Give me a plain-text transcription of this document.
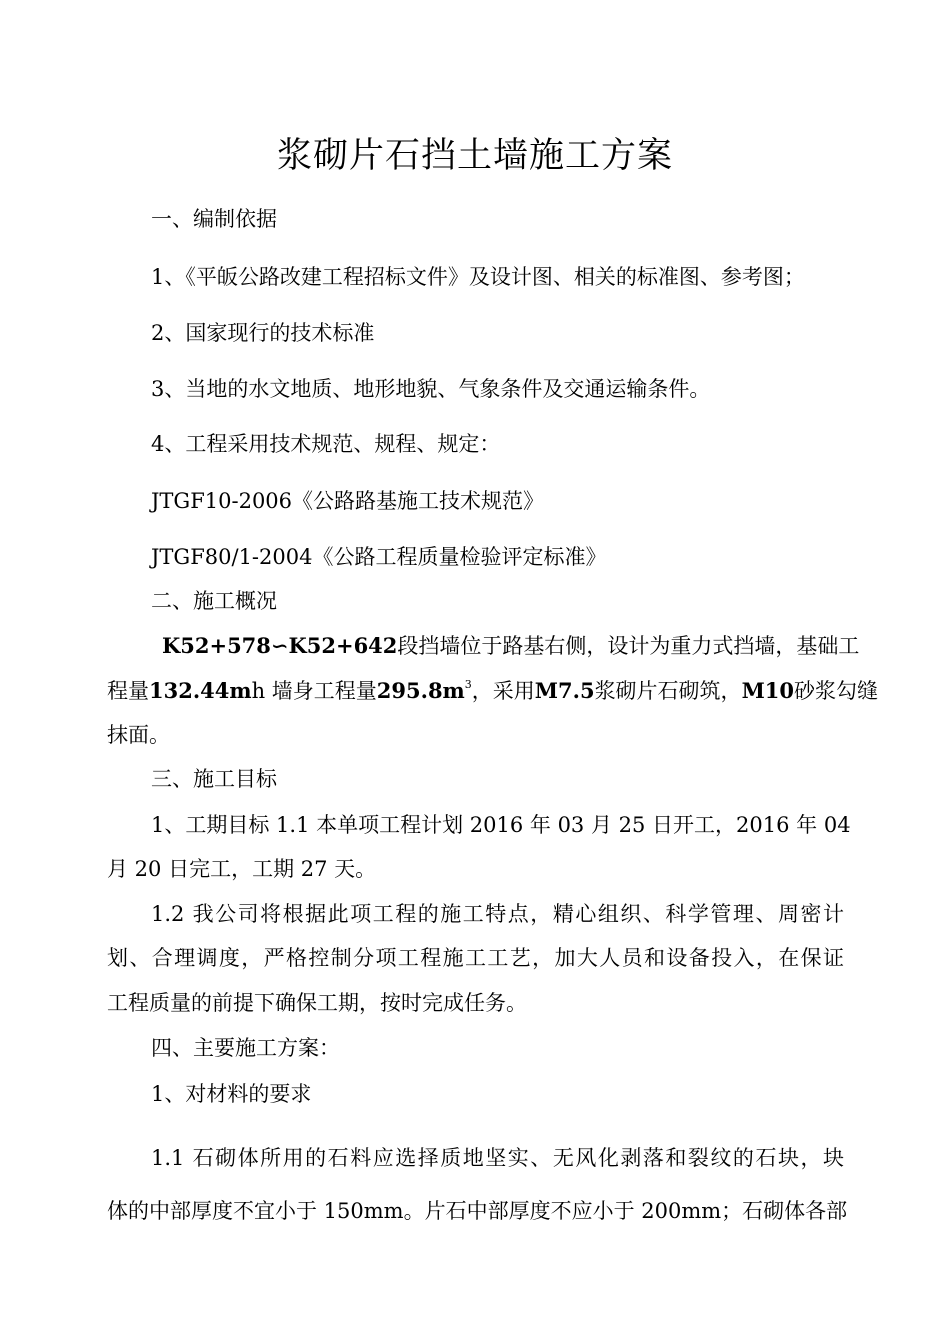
浆砌片石挡土墙施工方案
一、编制依据
1、《平皈公路改建工程招标文件》及设计图、相关的标准图、参考图；
2、国家现行的技术标准
3、当地的水文地质、地形地貌、气象条件及交通运输条件。
4、工程采用技术规范、规程、规定：
JTGF10-2006《公路路基施工技术规范》
JTGF80/1-2004《公路工程质量检验评定标准》
二、施工概况
K52+578∽K52+642段挡墙位于路基右侧，设计为重力式挡墙，基础工
程量132.44mh 墙身工程量$295.8m^3$，采用M7.5浆砌片石砌筑，M10砂浆勾缝
抹面。
三、施工目标
1、工期目标 1.1 本单项工程计划 2016 年 03 月 25 日开工，2016 年 04
月 20 日完工，工期 27 天。
1.2 我公司将根据此项工程的施工特点，精心组织、科学管理、周密计
划、合理调度，严格控制分项工程施工工艺，加大人员和设备投入，在保证
工程质量的前提下确保工期，按时完成任务。
四、主要施工方案：
1、对材料的要求
1.1 石砌体所用的石料应选择质地坚实、无风化剥落和裂纹的石块，块
体的中部厚度不宜小于 150mm。片石中部厚度不应小于 200mm；石砌体各部
